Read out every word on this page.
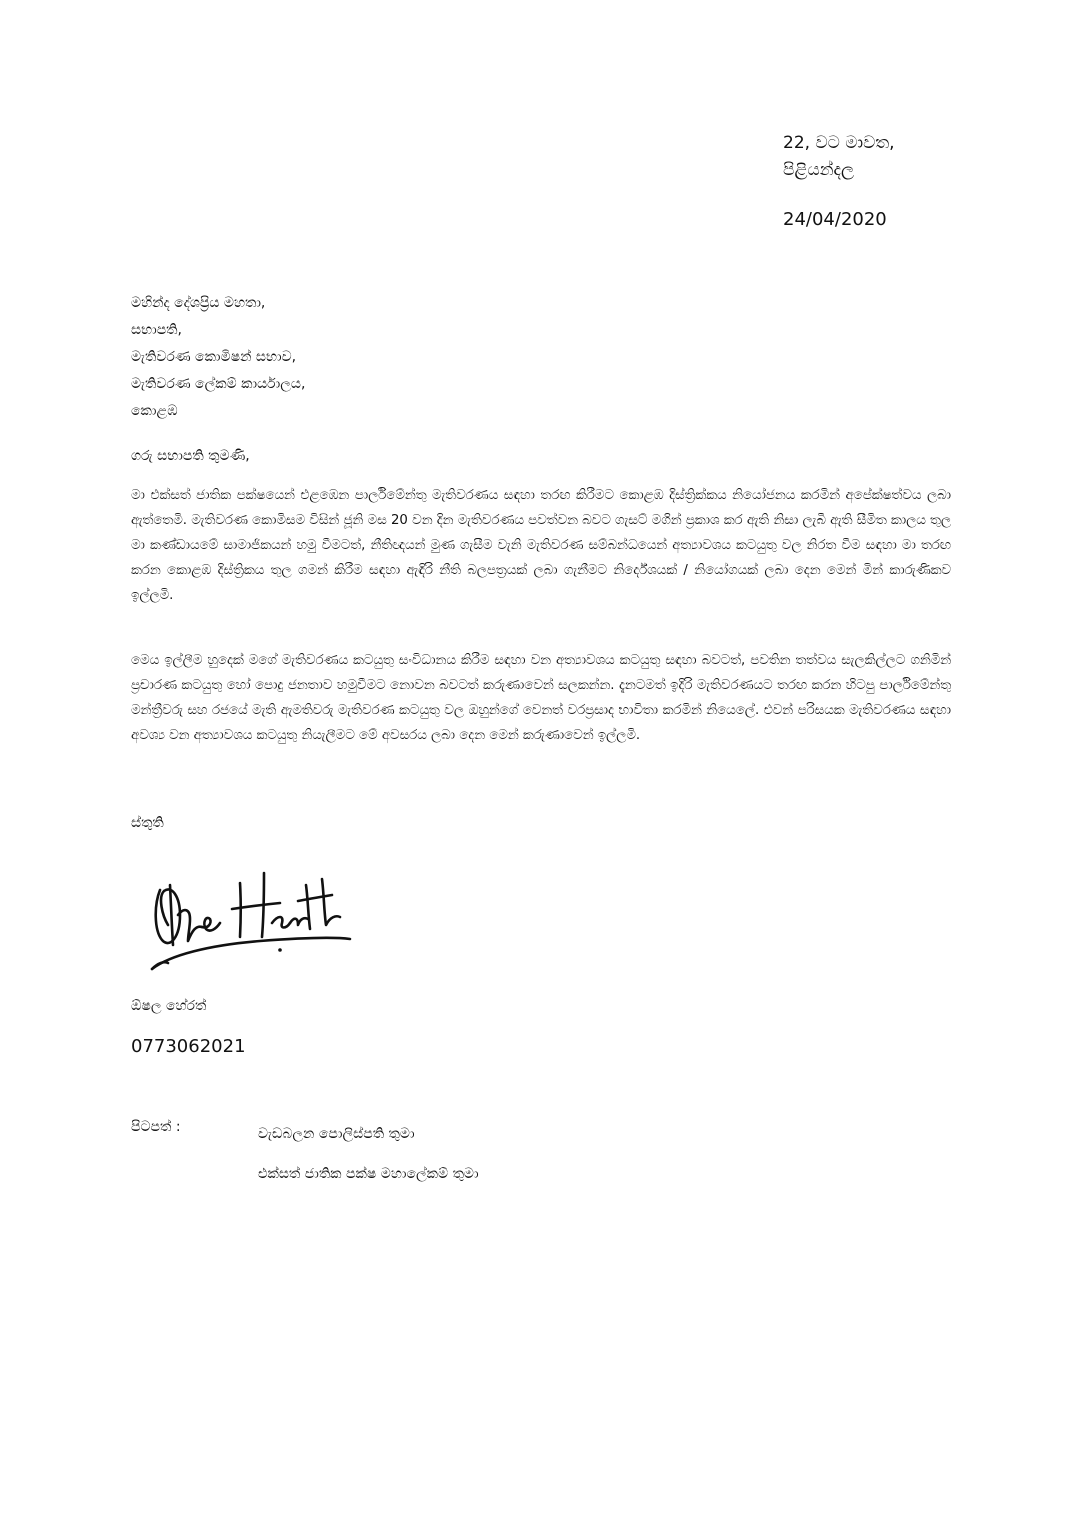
22, වට මාවත,
පිළියන්දල
24/04/2020
මහින්ද දේශප්‍රිය මහතා,
සභාපති,
මැතිවරණ කොමිෂන් සභාව,
මැතිවරණ ලේකම් කාර්යාලය,
කොළඹ
ගරු සභාපති තුමණි,

මා එක්සත් ජාතික පක්ෂයෙන් එළඹෙන පාර්ලිමේන්තු මැතිවරණය සඳහා තරඟ කිරීමට කොළඹ දිස්ත්‍රික්කය නියෝජනය කරමින් අපේක්ෂත්වය ලබා ඇත්තෙමි. මැතිවරණ කොමිසම විසින් ජූනි මස 20 වන දින මැතිවරණය පවත්වන බවට ගැසට් මගින් ප්‍රකාශ කර ඇති නිසා ලැබී ඇති සීමිත කාලය තුල මා කණ්ඩායමේ සාමාජිකයන් හමු වීමටත්, නීතිඥයන් මුණ ගැසීම වැනි මැතිවරණ සම්බන්ධයෙන් අත්‍යාවශය කටයුතු වල නිරත වීම සඳහා මා තරඟ කරන කොළඹ දිස්ත්‍රිකය තුල ගමන් කිරීම සඳහා ඇඳිරි නීති බලපත්‍රයක් ලබා ගැනීමට නිර්දේශයක් / නියෝගයක් ලබා දෙන මෙන් මින් කාරුණිකව ඉල්ලමි.

මෙය ඉල්ලීම හුදෙක් මගේ මැතිවරණය කටයුතු සංවිධානය කිරීම සඳහා වන අත්‍යාවශය කටයුතු සඳහා බවටත්, පවතින තත්වය සැලකිල්ලට ගනිමින් ප්‍රචාරණ කටයුතු හෝ පොදු ජනතාව හමුවීමට නොවන බවටත් කරුණාවෙන් සලකන්න. දැනටමත් ඉදිරි මැතිවරණයට තරඟ කරන හිටපු පාර්ලිමේන්තු මන්ත්‍රීවරු සහ රජයේ මැති ඇමතිවරු මැතිවරණ කටයුතු වල ඔහුන්ගේ වෙනත් වරප්‍රසාද භාවිතා කරමින් නියෙලේ. එවන් පරිසයක මැතිවරණය සඳහා අවශ්‍ය වන අත්‍යාවශය කටයුතු නියැලීමට මේ අවසරය ලබා දෙන මෙන් කරුණාවෙන් ඉල්ලමි.

ස්තුති
ඕෂල හේරත්
0773062021
පිටපත් :	වැඩබලන පොලිස්පති තුමා
එක්සත් ජාතික පක්ෂ මහාලේකම් තුමා
